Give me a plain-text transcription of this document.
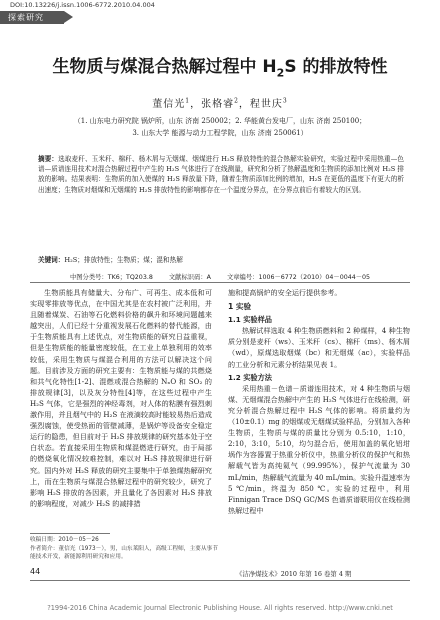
DOI:10.13226/j.issn.1006-6772.2010.04.004
探索研究
生物质与煤混合热解过程中 $H_2S$ 的排放特性
董信光$^1$，张格睿$^2$，程世庆$^3$
（1. 山东电力研究院 锅炉所，山东 济南 250002；2. 华能黄台发电厂，山东 济南 250100；
3. 山东大学 能源与动力工程学院，山东 济南 250061）
摘要：选取麦秆、玉米秆、棉秆、杨木屑与无烟煤、烟煤进行 H₂S 释放特性的混合热解实验研究，实验过程中采用热重—色谱—质谱连用技术对混合热解过程中产生的 H₂S 气体进行了在线测量，研究和分析了热解温度和生物质的添加比例对 H₂S 排放的影响。结果表明：生物质的加入使煤的 H₂S 释放量下降，随着生物质添加比例的增加，H₂S 在更低的温度下有更大的析出速度；生物质对烟煤和无烟煤的 H₂S 排放特性的影响都存在一个温度分界点，在分界点前后有着较大的区别。
关键词：H₂S；排放特性；生物质；煤；混和热解
中图分类号：TK6；TQ203.8	文献标识码：A	文章编号：1006－6772（2010）04－0044－05

生物质能具有储量大、分布广、可再生、成本低和可实现零排放等优点，在中国尤其是在农村被广泛利用，并且随着煤炭、石油等石化燃料价格的飙升和环境问题越来越突出，人们已经十分重视发展石化燃料的替代能源，由于生物质能具有上述优点，对生物质能的研究日益重视，但是生物质能的能量密度较低，在工业上单独利用的效率较低，采用生物质与煤混合利用的方法可以解决这个问题。目前涉及方面的研究主要有：生物质能与煤的共燃烧和共气化特性[1-2]、混燃或混合热解的 NₓO 和 SO₂ 的排放规律[3]，以及灰分特性[4]等，在这些过程中产生 H₂S 气体，它是强烈的神经毒剂，对人体的粘膜有强烈刺激作用，并且烟气中的 H₂S 在液滴较高时能较易热后造成强烈腐蚀，使受热面的管壁减薄，是锅炉等设备安全稳定运行的隐患，但目前对于 H₂S 排放规律的研究基本处于空白状态。若直接采用生物质和煤混燃进行研究，由于局部的燃烧氧化情况较难控制，难以对 H₂S 排放规律进行研究。国内外对 H₂S 释放的研究主要集中于单独煤热解研究上，而在生物质与煤混合热解过程中的研究较少，研究了影响 H₂S 排放的各因素，并且量化了各因素对 H₂S 排放的影响程度，对减少 H₂S 的减排措

施和提高锅炉的安全运行提供参考。

1 实验

1.1 实验样品

热解试样选取 4 种生物质燃料和 2 种煤样，4 种生物质分别是麦秆（ws）、玉米秆（cs）、棉秆（ms）、杨木屑（wd），原煤选取烟煤（bc）和无烟煤（ac），实验样品的工业分析和元素分析结果见表 1。

1.2 实验方法

采用热重－色谱－质谱连用技术，对 4 种生物质与烟煤、无烟煤混合热解中产生的 H₂S 气体进行在线检测，研究分析混合热解过程中 H₂S 气体的影响。将质量约为（10±0.1）mg 的烟煤或无烟煤试验样品，分别加入各种生物质，生物质与煤的质量比分别为 0.5:10，1:10，2:10，3:10，5:10，均匀混合后，使用加盖的氧化铝坩埚作为容器置于热重分析仪中，热重分析仪的保护气和热解载气皆为高纯氦气（99.995%），保护气流量为 30 mL/min，热解载气流量为 40 mL/min。实验升温速率为 5 ℃/min，终温为 850 ℃。实验的过程中，利用 Finnigan Trace DSQ GC/MS 色谱质谱联用仪在线检测热解过程中

收稿日期：2010－05－26
作者简介：董信光（1973－），男，山东莱阳人，高级工程师，主要从事节能技术开发，新能源利用研究和应用。
44	《洁净煤技术》2010 年第 16 卷第 4 期
?1994-2016 China Academic Journal Electronic Publishing House. All rights reserved. http://www.cnki.net
